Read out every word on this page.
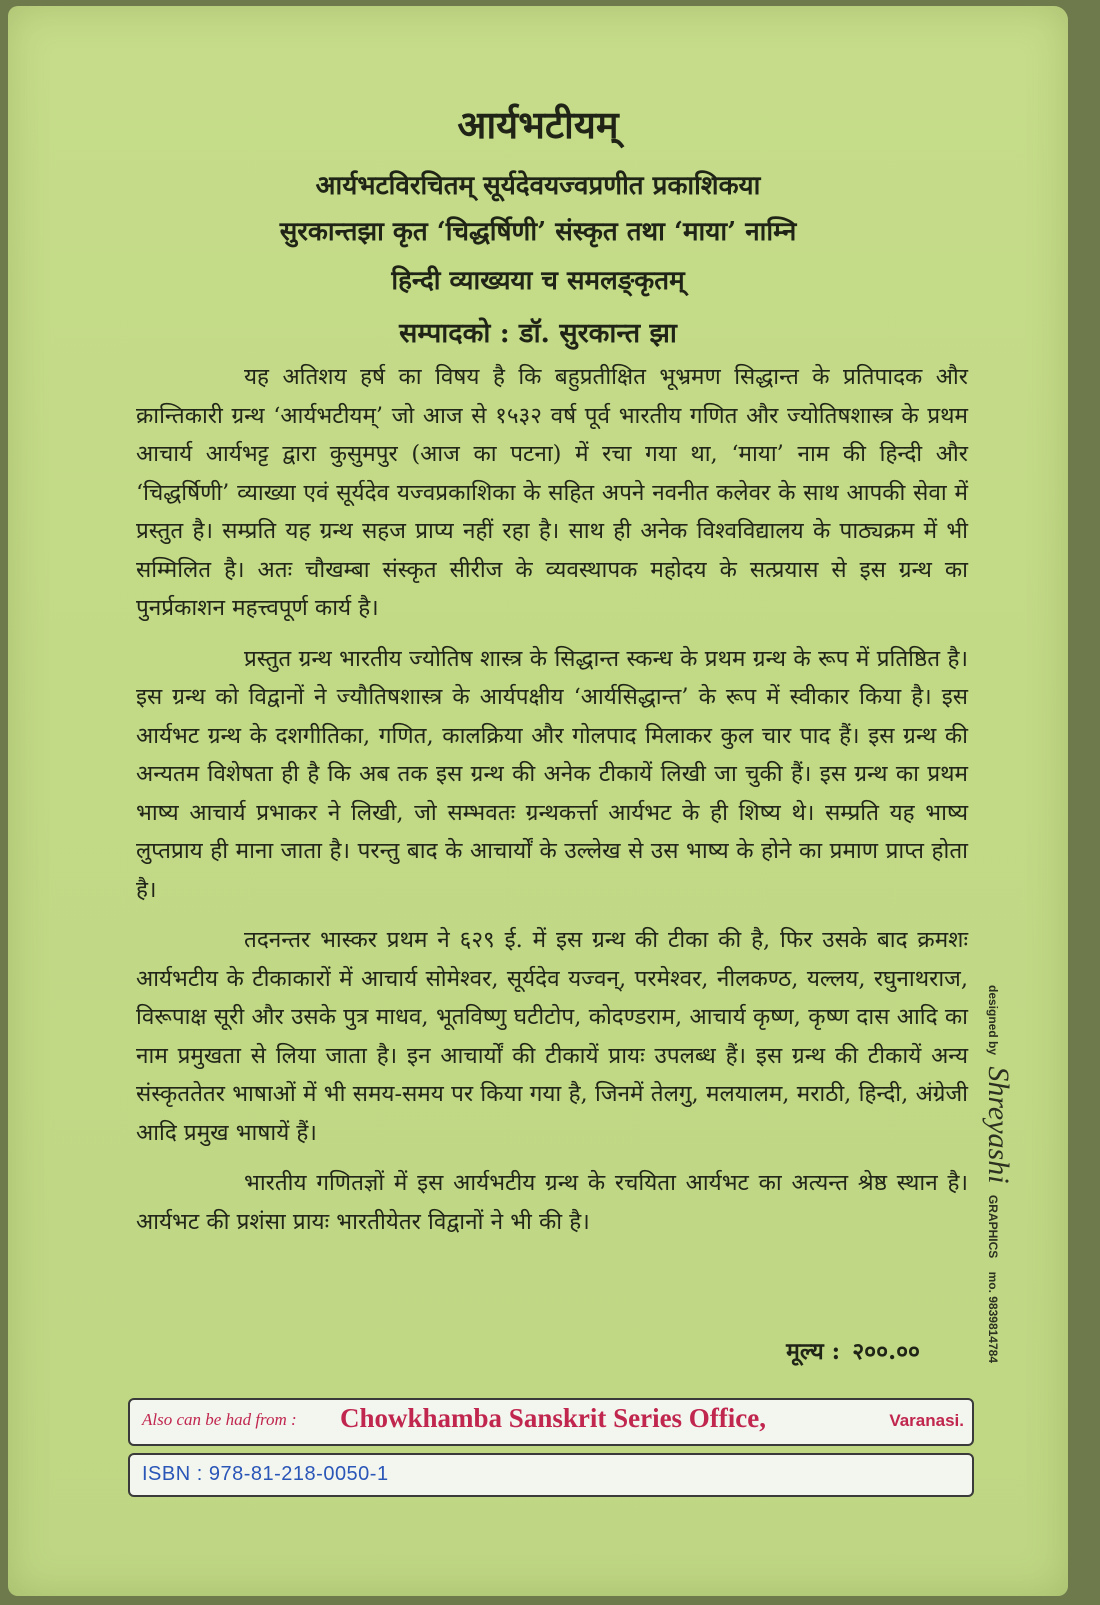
आर्यभटीयम्
आर्यभटविरचितम् सूर्यदेवयज्वप्रणीत प्रकाशिकया
सुरकान्तझा कृत ‘चिद्धर्षिणी’ संस्कृत तथा ‘माया’ नाम्नि
हिन्दी व्याख्यया च समलङ्कृतम्
सम्पादको : डॉ. सुरकान्त झा

यह अतिशय हर्ष का विषय है कि बहुप्रतीक्षित भूभ्रमण सिद्धान्त के प्रतिपादक और क्रान्तिकारी ग्रन्थ ‘आर्यभटीयम्’ जो आज से १५३२ वर्ष पूर्व भारतीय गणित और ज्योतिषशास्त्र के प्रथम आचार्य आर्यभट्ट द्वारा कुसुमपुर (आज का पटना) में रचा गया था, ‘माया’ नाम की हिन्दी और ‘चिद्धर्षिणी’ व्याख्या एवं सूर्यदेव यज्वप्रकाशिका के सहित अपने नवनीत कलेवर के साथ आपकी सेवा में प्रस्तुत है। सम्प्रति यह ग्रन्थ सहज प्राप्य नहीं रहा है। साथ ही अनेक विश्वविद्यालय के पाठ्यक्रम में भी सम्मिलित है। अतः चौखम्बा संस्कृत सीरीज के व्यवस्थापक महोदय के सत्प्रयास से इस ग्रन्थ का पुनर्प्रकाशन महत्त्वपूर्ण कार्य है।

प्रस्तुत ग्रन्थ भारतीय ज्योतिष शास्त्र के सिद्धान्त स्कन्ध के प्रथम ग्रन्थ के रूप में प्रतिष्ठित है। इस ग्रन्थ को विद्वानों ने ज्यौतिषशास्त्र के आर्यपक्षीय ‘आर्यसिद्धान्त’ के रूप में स्वीकार किया है। इस आर्यभट ग्रन्थ के दशगीतिका, गणित, कालक्रिया और गोलपाद मिलाकर कुल चार पाद हैं। इस ग्रन्थ की अन्यतम विशेषता ही है कि अब तक इस ग्रन्थ की अनेक टीकायें लिखी जा चुकी हैं। इस ग्रन्थ का प्रथम भाष्य आचार्य प्रभाकर ने लिखी, जो सम्भवतः ग्रन्थकर्त्ता आर्यभट के ही शिष्य थे। सम्प्रति यह भाष्य लुप्तप्राय ही माना जाता है। परन्तु बाद के आचार्यों के उल्लेख से उस भाष्य के होने का प्रमाण प्राप्त होता है।

तदनन्तर भास्कर प्रथम ने ६२९ ई. में इस ग्रन्थ की टीका की है, फिर उसके बाद क्रमशः आर्यभटीय के टीकाकारों में आचार्य सोमेश्वर, सूर्यदेव यज्वन्, परमेश्वर, नीलकण्ठ, यल्लय, रघुनाथराज, विरूपाक्ष सूरी और उसके पुत्र माधव, भूतविष्णु घटीटोप, कोदण्डराम, आचार्य कृष्ण, कृष्ण दास आदि का नाम प्रमुखता से लिया जाता है। इन आचार्यों की टीकायें प्रायः उपलब्ध हैं। इस ग्रन्थ की टीकायें अन्य संस्कृततेतर भाषाओं में भी समय-समय पर किया गया है, जिनमें तेलगु, मलयालम, मराठी, हिन्दी, अंग्रेजी आदि प्रमुख भाषायें हैं।

भारतीय गणितज्ञों में इस आर्यभटीय ग्रन्थ के रचयिता आर्यभट का अत्यन्त श्रेष्ठ स्थान है। आर्यभट की प्रशंसा प्रायः भारतीयेतर विद्वानों ने भी की है।

मूल्य : २००.००
Also can be had from : Chowkhamba Sanskrit Series Office,	Varanasi.
ISBN : 978-81-218-0050-1
designed by Shreyashi GRAPHICS mo. 9839814784
